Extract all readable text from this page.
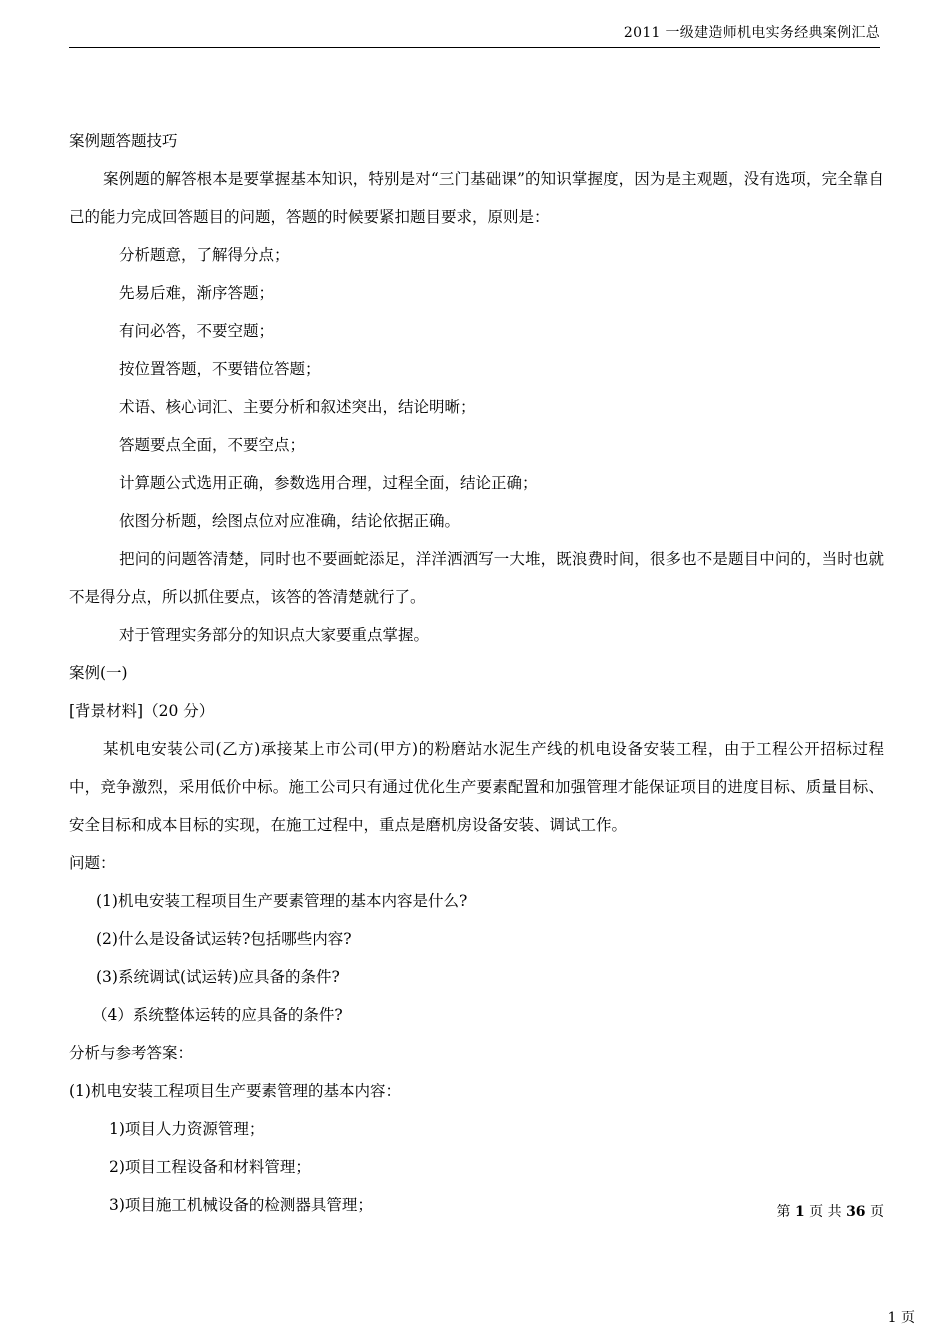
2011 一级建造师机电实务经典案例汇总

案例题答题技巧

案例题的解答根本是要掌握基本知识，特别是对“三门基础课”的知识掌握度，因为是主观题，没有选项，完全靠自己的能力完成回答题目的问题，答题的时候要紧扣题目要求，原则是：

分析题意，了解得分点；

先易后难，渐序答题；

有问必答，不要空题；

按位置答题，不要错位答题；

术语、核心词汇、主要分析和叙述突出，结论明晰；

答题要点全面，不要空点；

计算题公式选用正确，参数选用合理，过程全面，结论正确；

依图分析题，绘图点位对应准确，结论依据正确。

把问的问题答清楚，同时也不要画蛇添足，洋洋洒洒写一大堆，既浪费时间，很多也不是题目中问的，当时也就不是得分点，所以抓住要点，该答的答清楚就行了。

对于管理实务部分的知识点大家要重点掌握。

案例(一)

[背景材料]（20 分）

某机电安装公司(乙方)承接某上市公司(甲方)的粉磨站水泥生产线的机电设备安装工程，由于工程公开招标过程中，竞争激烈，采用低价中标。施工公司只有通过优化生产要素配置和加强管理才能保证项目的进度目标、质量目标、安全目标和成本目标的实现，在施工过程中，重点是磨机房设备安装、调试工作。

问题：

(1)机电安装工程项目生产要素管理的基本内容是什么?

(2)什么是设备试运转?包括哪些内容?

(3)系统调试(试运转)应具备的条件?

（4）系统整体运转的应具备的条件?

分析与参考答案：

(1)机电安装工程项目生产要素管理的基本内容：

1)项目人力资源管理；

2)项目工程设备和材料管理；

3)项目施工机械设备的检测器具管理；	第 1 页 共 36 页
1 页
